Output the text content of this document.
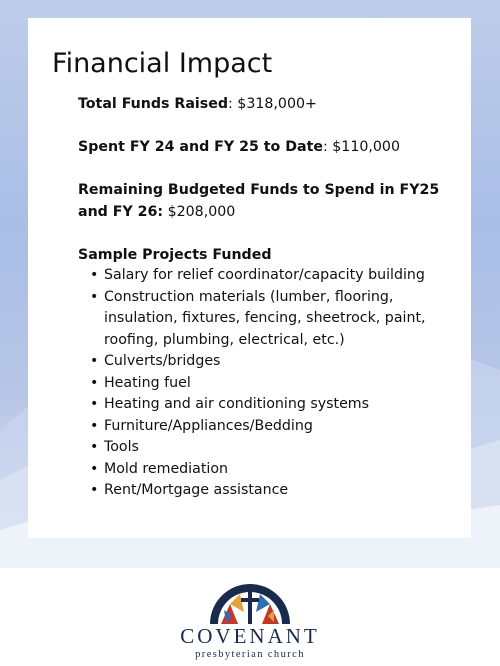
Financial Impact
Total Funds Raised: $318,000+
Spent FY 24 and FY 25 to Date: $110,000
Remaining Budgeted Funds to Spend in FY25 and FY 26: $208,000
Sample Projects Funded
• Salary for relief coordinator/capacity building
• Construction materials (lumber, flooring, insulation, fixtures, fencing, sheetrock, paint, roofing, plumbing, electrical, etc.)
• Culverts/bridges
• Heating fuel
• Heating and air conditioning systems
• Furniture/Appliances/Bedding
• Tools
• Mold remediation
• Rent/Mortgage assistance
COVENANT
presbyterian church
